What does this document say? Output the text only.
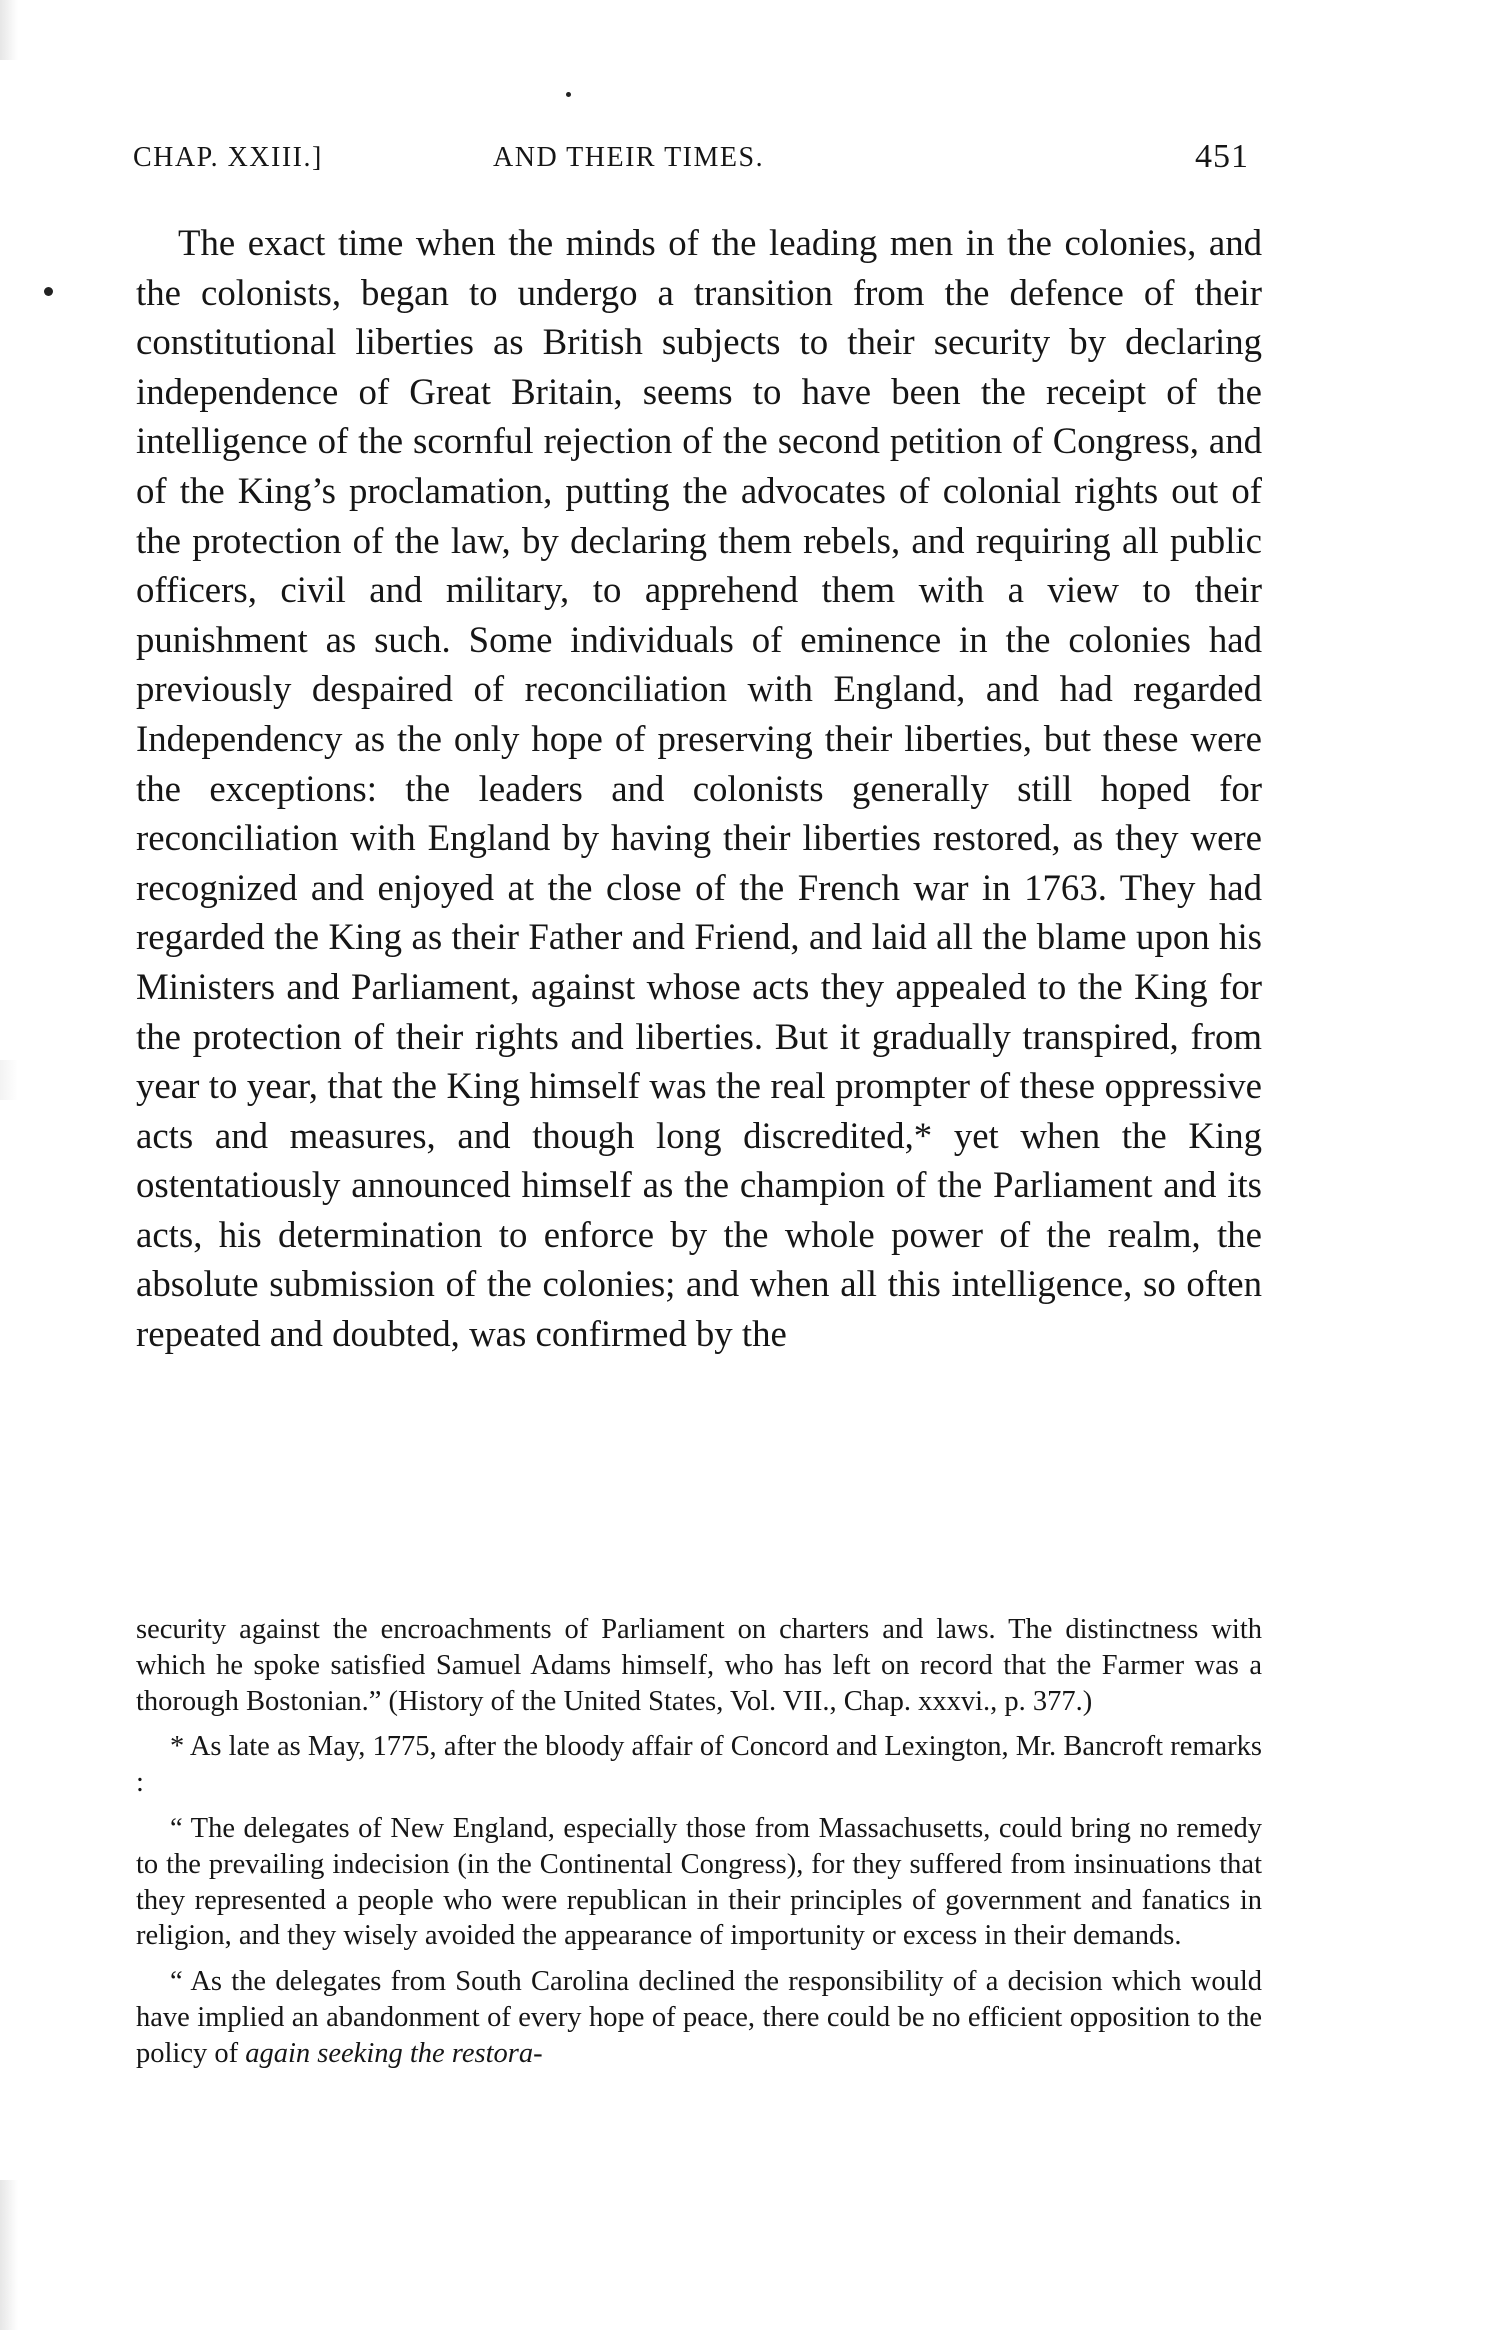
CHAP. XXIII.]	AND THEIR TIMES.	451

The exact time when the minds of the leading men in the colonies, and the colonists, began to undergo a transition from the defence of their constitutional liberties as British subjects to their security by declaring independence of Great Britain, seems to have been the receipt of the intelligence of the scornful rejection of the second petition of Congress, and of the King’s proclamation, putting the advocates of colonial rights out of the protection of the law, by declaring them rebels, and requiring all public officers, civil and military, to apprehend them with a view to their punishment as such. Some individuals of eminence in the colonies had previously despaired of reconciliation with England, and had regarded Independency as the only hope of preserving their liberties, but these were the exceptions: the leaders and colonists generally still hoped for reconciliation with England by having their liberties restored, as they were recognized and enjoyed at the close of the French war in 1763. They had regarded the King as their Father and Friend, and laid all the blame upon his Ministers and Parliament, against whose acts they appealed to the King for the protection of their rights and liberties. But it gradually transpired, from year to year, that the King himself was the real prompter of these oppressive acts and measures, and though long discredited,* yet when the King ostentatiously announced himself as the champion of the Parliament and its acts, his determination to enforce by the whole power of the realm, the absolute submission of the colonies; and when all this intelligence, so often repeated and doubted, was confirmed by the

security against the encroachments of Parliament on charters and laws. The distinctness with which he spoke satisfied Samuel Adams himself, who has left on record that the Farmer was a thorough Bostonian.” (History of the United States, Vol. VII., Chap. xxxvi., p. 377.)

* As late as May, 1775, after the bloody affair of Concord and Lexington, Mr. Bancroft remarks :

“ The delegates of New England, especially those from Massachusetts, could bring no remedy to the prevailing indecision (in the Continental Congress), for they suffered from insinuations that they represented a people who were republican in their principles of government and fanatics in religion, and they wisely avoided the appearance of importunity or excess in their demands.

“ As the delegates from South Carolina declined the responsibility of a decision which would have implied an abandonment of every hope of peace, there could be no efficient opposition to the policy of again seeking the restora-
